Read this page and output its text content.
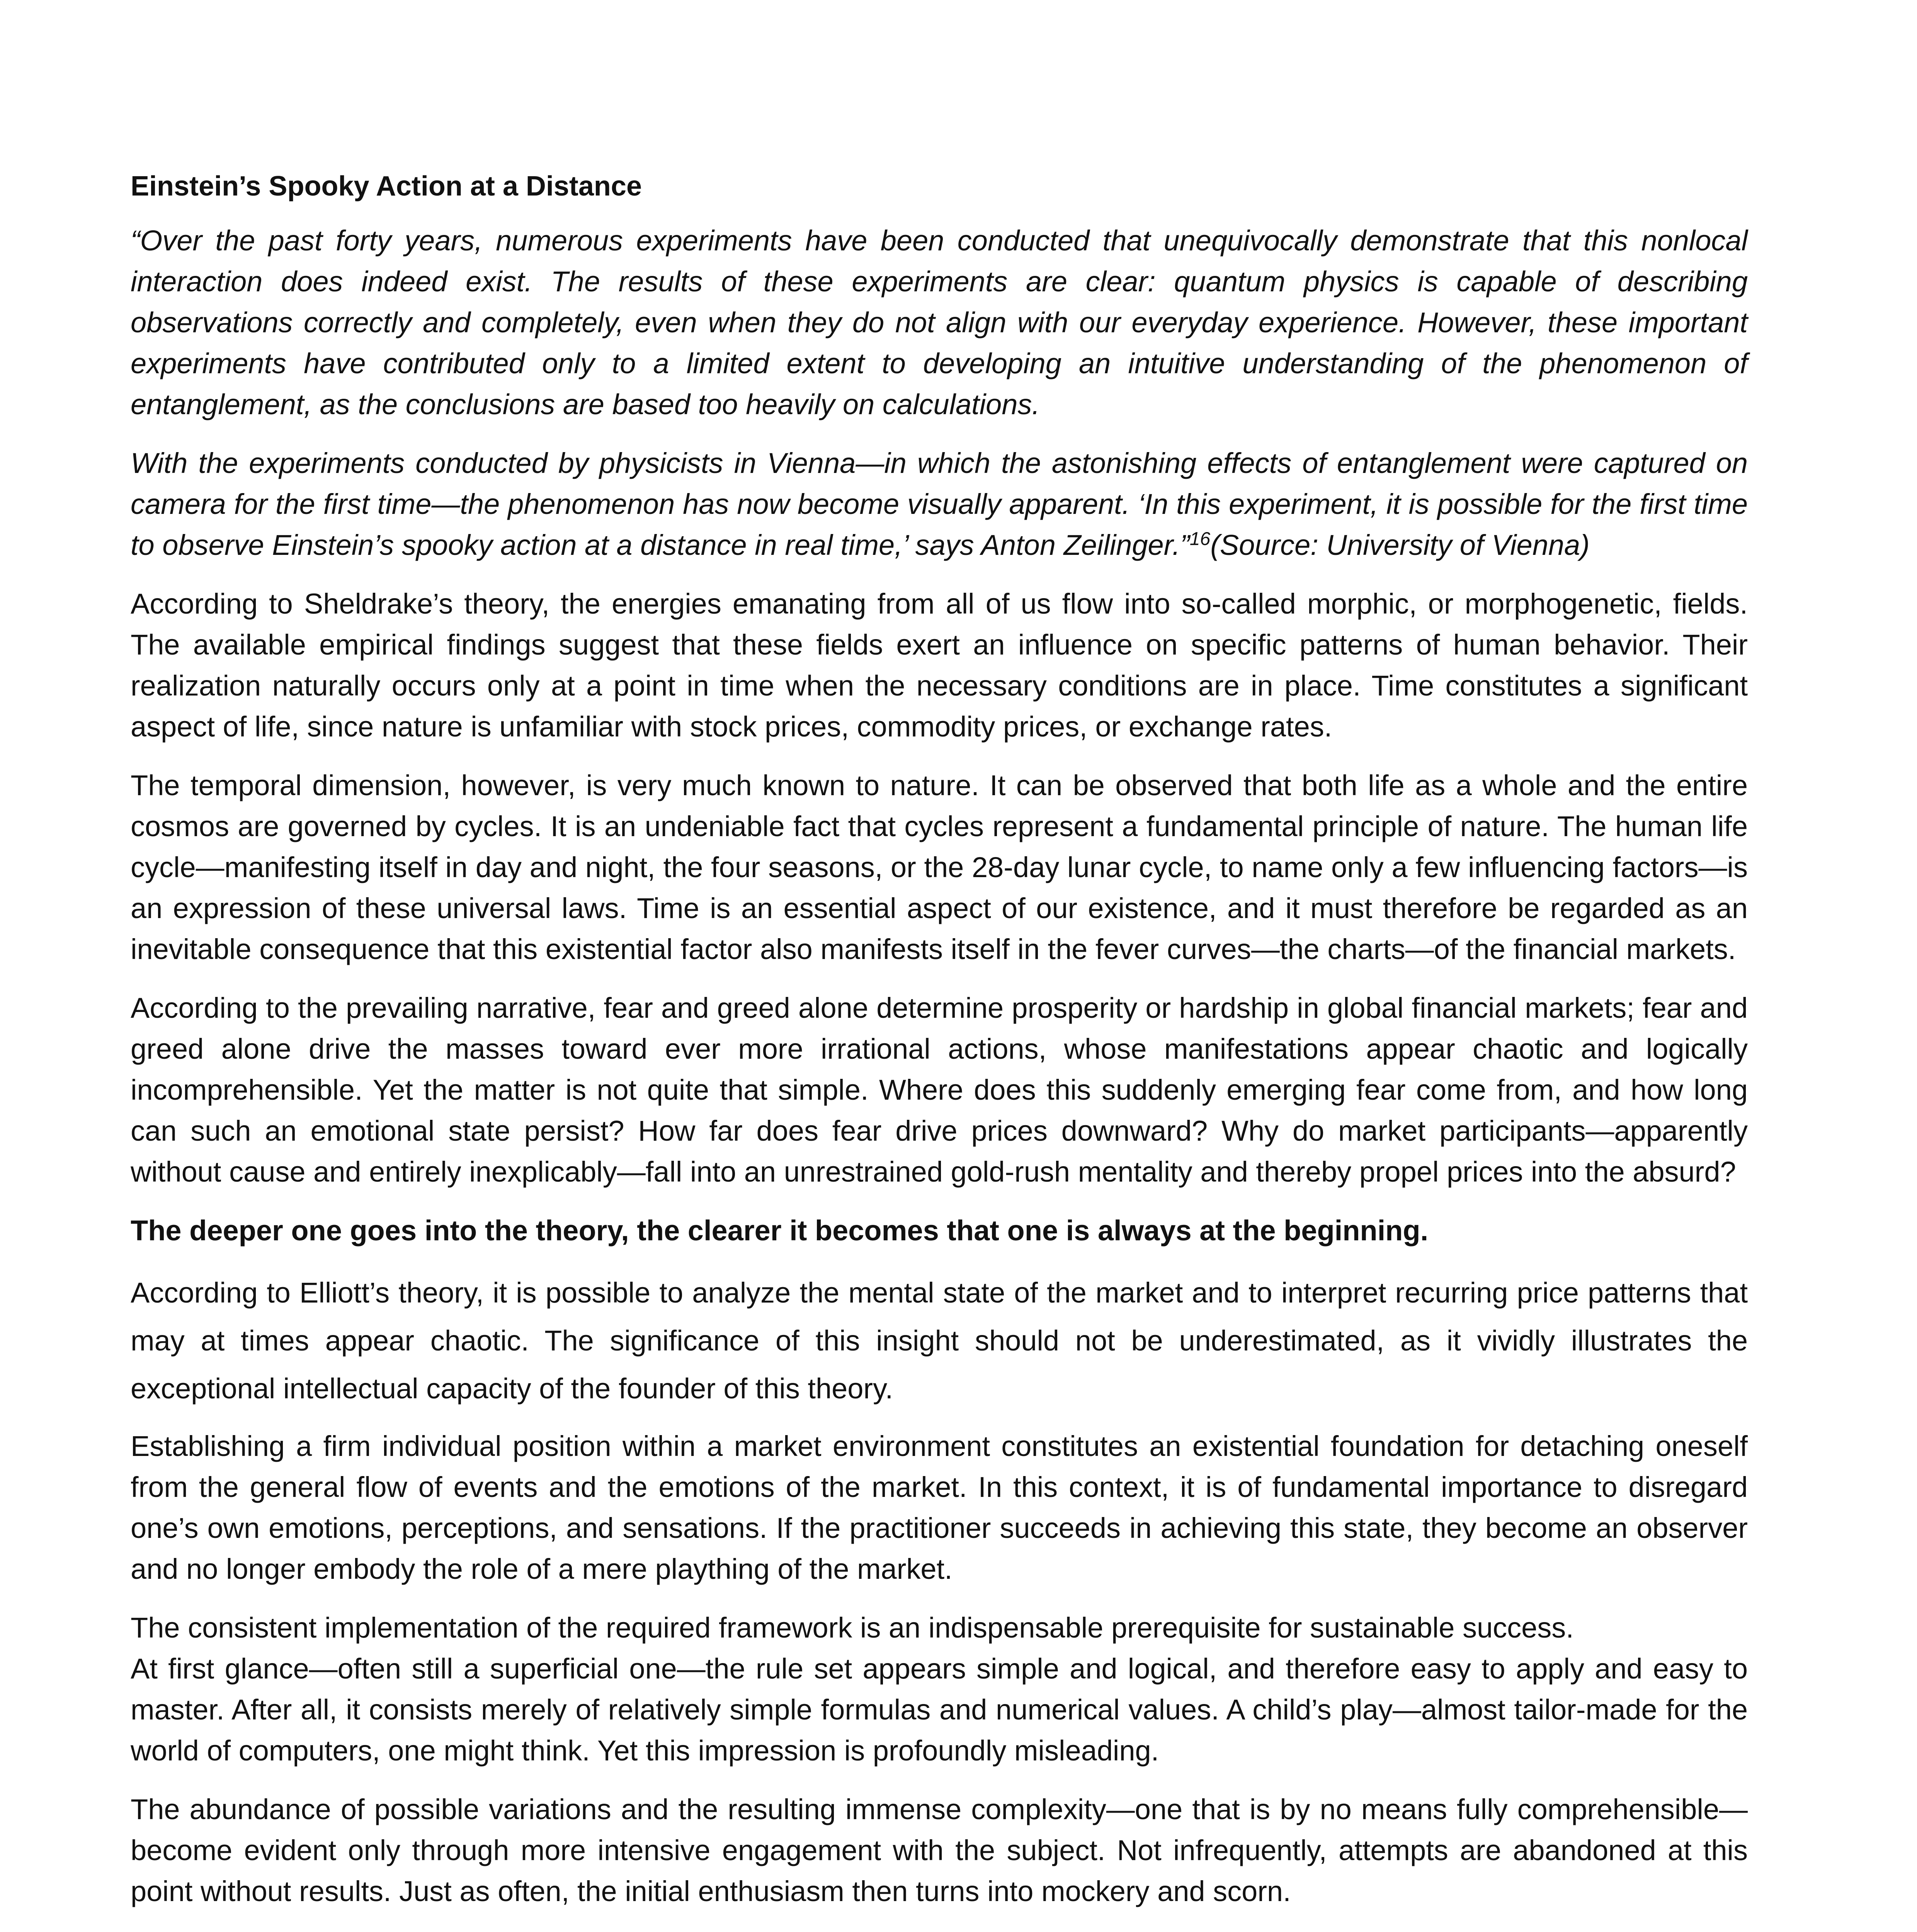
Einstein’s Spooky Action at a Distance

“Over the past forty years, numerous experiments have been conducted that unequivocally demonstrate that this nonlocal interaction does indeed exist. The results of these experiments are clear: quantum physics is capable of describing observations correctly and completely, even when they do not align with our everyday experience. However, these important experiments have contributed only to a limited extent to developing an intuitive understanding of the phenomenon of entanglement, as the conclusions are based too heavily on calculations.

With the experiments conducted by physicists in Vienna—in which the astonishing effects of entanglement were captured on camera for the first time—the phenomenon has now become visually apparent. ‘In this experiment, it is possible for the first time to observe Einstein’s spooky action at a distance in real time,’ says Anton Zeilinger.”$^{16}$(Source: University of Vienna)

According to Sheldrake’s theory, the energies emanating from all of us flow into so-called morphic, or morphogenetic, fields. The available empirical findings suggest that these fields exert an influence on specific patterns of human behavior. Their realization naturally occurs only at a point in time when the necessary conditions are in place. Time constitutes a significant aspect of life, since nature is unfamiliar with stock prices, commodity prices, or exchange rates.

The temporal dimension, however, is very much known to nature. It can be observed that both life as a whole and the entire cosmos are governed by cycles. It is an undeniable fact that cycles represent a fundamental principle of nature. The human life cycle—manifesting itself in day and night, the four seasons, or the 28-day lunar cycle, to name only a few influencing factors—is an expression of these universal laws. Time is an essential aspect of our existence, and it must therefore be regarded as an inevitable consequence that this existential factor also manifests itself in the fever curves—the charts—of the financial markets.

According to the prevailing narrative, fear and greed alone determine prosperity or hardship in global financial markets; fear and greed alone drive the masses toward ever more irrational actions, whose manifestations appear chaotic and logically incomprehensible. Yet the matter is not quite that simple. Where does this suddenly emerging fear come from, and how long can such an emotional state persist? How far does fear drive prices downward? Why do market participants—apparently without cause and entirely inexplicably—fall into an unrestrained gold-rush mentality and thereby propel prices into the absurd?

The deeper one goes into the theory, the clearer it becomes that one is always at the beginning.

According to Elliott’s theory, it is possible to analyze the mental state of the market and to interpret recurring price patterns that may at times appear chaotic. The significance of this insight should not be underestimated, as it vividly illustrates the exceptional intellectual capacity of the founder of this theory.

Establishing a firm individual position within a market environment constitutes an existential foundation for detaching oneself from the general flow of events and the emotions of the market. In this context, it is of fundamental importance to disregard one’s own emotions, perceptions, and sensations. If the practitioner succeeds in achieving this state, they become an observer and no longer embody the role of a mere plaything of the market.

The consistent implementation of the required framework is an indispensable prerequisite for sustainable success.
At first glance—often still a superficial one—the rule set appears simple and logical, and therefore easy to apply and easy to master. After all, it consists merely of relatively simple formulas and numerical values. A child’s play—almost tailor-made for the world of computers, one might think. Yet this impression is profoundly misleading.

The abundance of possible variations and the resulting immense complexity—one that is by no means fully comprehensible—become evident only through more intensive engagement with the subject. Not infrequently, attempts are abandoned at this point without results. Just as often, the initial enthusiasm then turns into mockery and scorn.
